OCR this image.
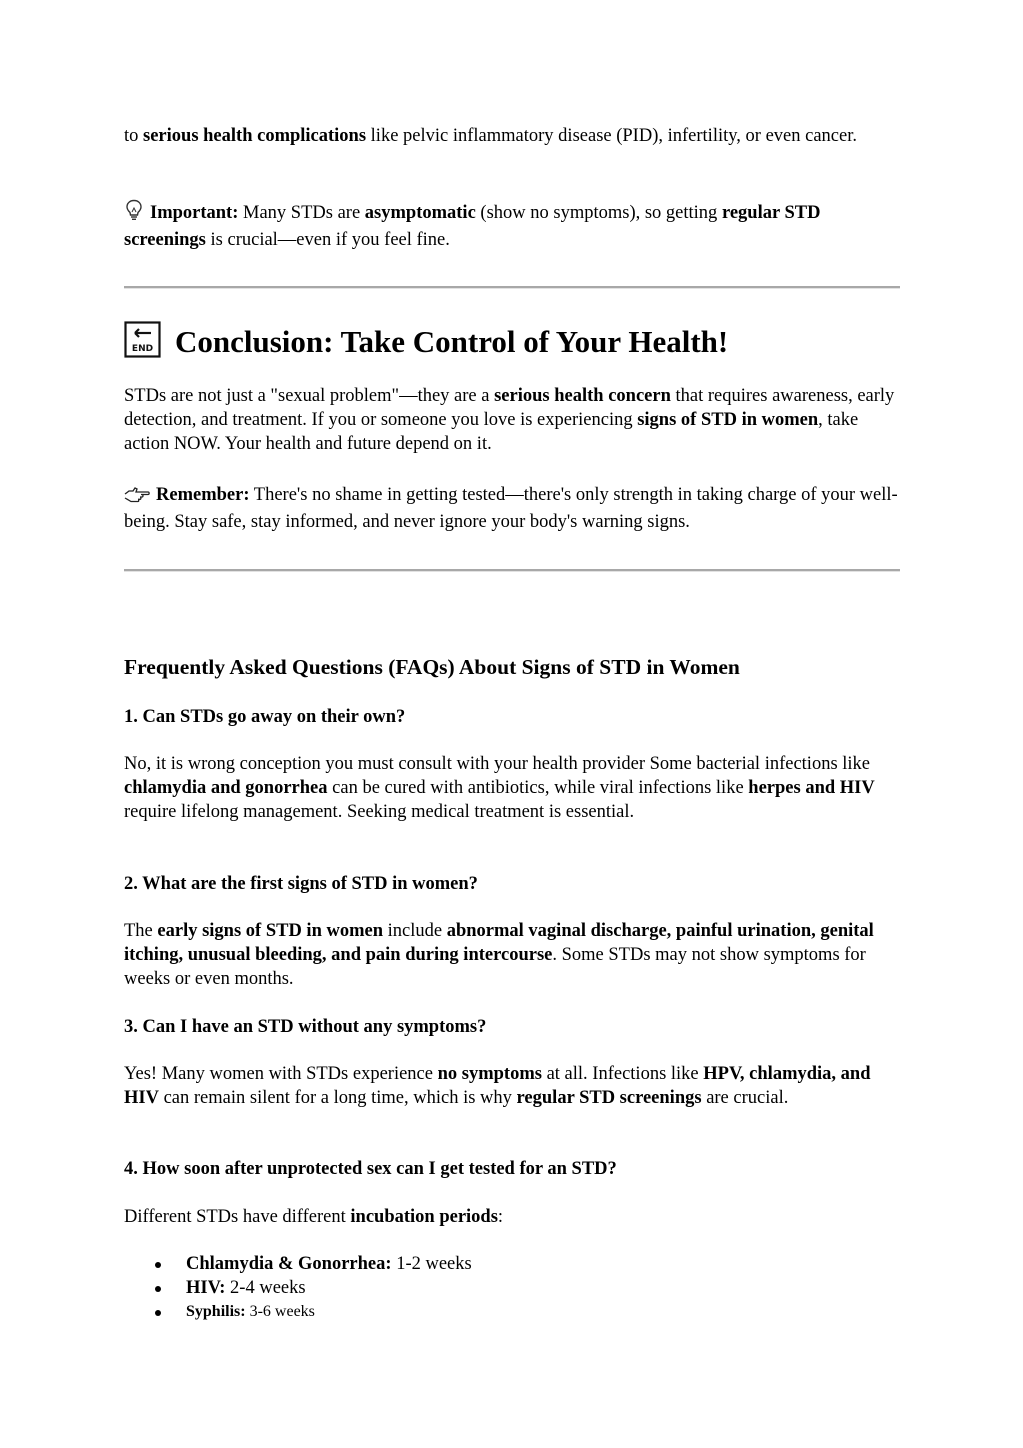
to serious health complications like pelvic inflammatory disease (PID), infertility, or even cancer.

Important: Many STDs are asymptomatic (show no symptoms), so getting regular STD screenings is crucial—even if you feel fine.

END Conclusion: Take Control of Your Health!

STDs are not just a "sexual problem"—they are a serious health concern that requires awareness, early detection, and treatment. If you or someone you love is experiencing signs of STD in women, take action NOW. Your health and future depend on it.

Remember: There's no shame in getting tested—there's only strength in taking charge of your well-being. Stay safe, stay informed, and never ignore your body's warning signs.

Frequently Asked Questions (FAQs) About Signs of STD in Women
1. Can STDs go away on their own?

No, it is wrong conception you must consult with your health provider Some bacterial infections like chlamydia and gonorrhea can be cured with antibiotics, while viral infections like herpes and HIV require lifelong management. Seeking medical treatment is essential.

2. What are the first signs of STD in women?

The early signs of STD in women include abnormal vaginal discharge, painful urination, genital itching, unusual bleeding, and pain during intercourse. Some STDs may not show symptoms for weeks or even months.

3. Can I have an STD without any symptoms?

Yes! Many women with STDs experience no symptoms at all. Infections like HPV, chlamydia, and HIV can remain silent for a long time, which is why regular STD screenings are crucial.

4. How soon after unprotected sex can I get tested for an STD?

Different STDs have different incubation periods:

Chlamydia & Gonorrhea: 1-2 weeks
HIV: 2-4 weeks
Syphilis: 3-6 weeks
